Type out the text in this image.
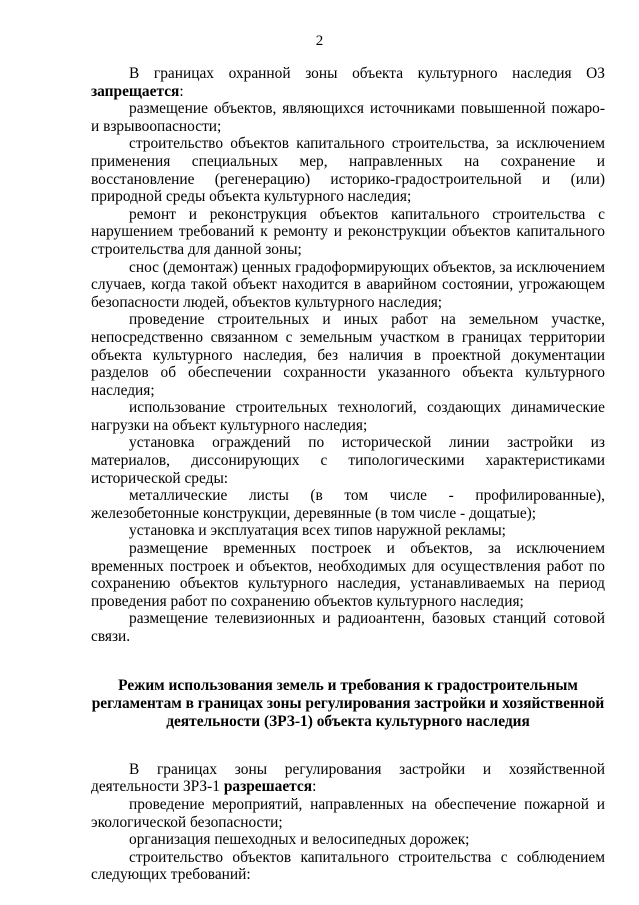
2

В границах охранной зоны объекта культурного наследия ОЗ запрещается:

размещение объектов, являющихся источниками повышенной пожаро- и взрывоопасности;

строительство объектов капитального строительства, за исключением применения специальных мер, направленных на сохранение и восстановление (регенерацию) историко-градостроительной и (или) природной среды объекта культурного наследия;

ремонт и реконструкция объектов капитального строительства с нарушением требований к ремонту и реконструкции объектов капитального строительства для данной зоны;

снос (демонтаж) ценных градоформирующих объектов, за исключением случаев, когда такой объект находится в аварийном состоянии, угрожающем безопасности людей, объектов культурного наследия;

проведение строительных и иных работ на земельном участке, непосредственно связанном с земельным участком в границах территории объекта культурного наследия, без наличия в проектной документации разделов об обеспечении сохранности указанного объекта культурного наследия;

использование строительных технологий, создающих динамические нагрузки на объект культурного наследия;

установка ограждений по исторической линии застройки из материалов, диссонирующих с типологическими характеристиками исторической среды:

металлические листы (в том числе - профилированные), железобетонные конструкции, деревянные (в том числе - дощатые);

установка и эксплуатация всех типов наружной рекламы;

размещение временных построек и объектов, за исключением временных построек и объектов, необходимых для осуществления работ по сохранению объектов культурного наследия, устанавливаемых на период проведения работ по сохранению объектов культурного наследия;

размещение телевизионных и радиоантенн, базовых станций сотовой связи.

Режим использования земель и требования к градостроительным регламентам в границах зоны регулирования застройки и хозяйственной деятельности (ЗРЗ-1) объекта культурного наследия

В границах зоны регулирования застройки и хозяйственной деятельности ЗРЗ-1 разрешается:

проведение мероприятий, направленных на обеспечение пожарной и экологической безопасности;

организация пешеходных и велосипедных дорожек;

строительство объектов капитального строительства с соблюдением следующих требований:
